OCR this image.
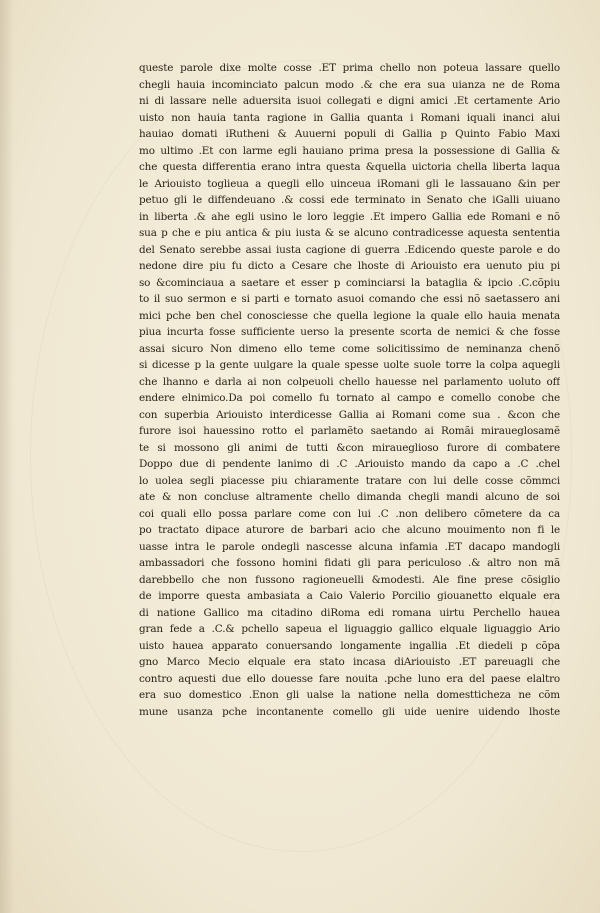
queste parole dixe molte cosse .ET prima chello non poteua lassare quello
chegli hauia incominciato palcun modo .& che era sua uianza ne de Roma
ni di lassare nelle aduersita isuoi collegati e digni amici .Et certamente Ario
uisto non hauia tanta ragione in Gallia quanta i Romani iquali inanci alui
hauiao domati iRutheni & Auuerni populi di Gallia p Quinto Fabio Maxi
mo ultimo .Et con larme egli hauiano prima presa la possessione di Gallia &
che questa differentia erano intra questa &quella uictoria chella liberta laqua
le Ariouisto toglieua a quegli ello uinceua iRomani gli le lassauano &in per
petuo gli le diffendeuano .& cossi ede terminato in Senato che iGalli uiuano
in liberta .& ahe egli usino le loro leggie .Et impero Gallia ede Romani e nõ
sua p che e piu antica & piu iusta & se alcuno contradicesse aquesta sententia
del Senato serebbe assai iusta cagione di guerra .Edicendo queste parole e do
nedone dire piu fu dicto a Cesare che lhoste di Ariouisto era uenuto piu pi
so &cominciaua a saetare et esser p cominciarsi la bataglia & ipcio .C.cõpiu
to il suo sermon e si parti e tornato asuoi comando che essi nõ saetassero ani
mici pche ben chel conosciesse che quella legione la quale ello hauia menata
piua incurta fosse sufficiente uerso la presente scorta de nemici & che fosse
assai sicuro Non dimeno ello teme come solicitissimo de neminanza chenõ
si dicesse p la gente uulgare la quale spesse uolte suole torre la colpa aquegli
che lhanno e darla ai non colpeuoli chello hauesse nel parlamento uoluto off
endere elnimico.Da poi comello fu tornato al campo e comello conobe che
con superbia Ariouisto interdicesse Gallia ai Romani come sua . &con che
furore isoi hauessino rotto el parlamẽto saetando ai Romãi miraueglosamẽ
te si mossono gli animi de tutti &con miraueglioso furore di combatere
Doppo due di pendente lanimo di .C .Ariouisto mando da capo a .C .chel
lo uolea segli piacesse piu chiaramente tratare con lui delle cosse cõmmci
ate & non concluse altramente chello dimanda chegli mandi alcuno de soi
coi quali ello possa parlare come con lui .C .non delibero cõmetere da ca
po tractato dipace aturore de barbari acio che alcuno mouimento non fi le
uasse intra le parole ondegli nascesse alcuna infamia .ET dacapo mandogli
ambassadori che fossono homini fidati gli para periculoso .& altro non mã
darebbello che non fussono ragioneuelli &modesti. Ale fine prese cõsiglio
de imporre questa ambasiata a Caio Valerio Porcilio giouanetto elquale era
di natione Gallico ma citadino diRoma edi romana uirtu Perchello hauea
gran fede a .C.& pchello sapeua el liguaggio gallico elquale liguaggio Ario
uisto hauea apparato conuersando longamente ingallia .Et diedeli p cõpa
gno Marco Mecio elquale era stato incasa diAriouisto .ET pareuagli che
contro aquesti due ello douesse fare nouita .pche luno era del paese elaltro
era suo domestico .Enon gli ualse la natione nella domestticheza ne cõm
mune usanza pche incontanente comello gli uide uenire uidendo lhoste
